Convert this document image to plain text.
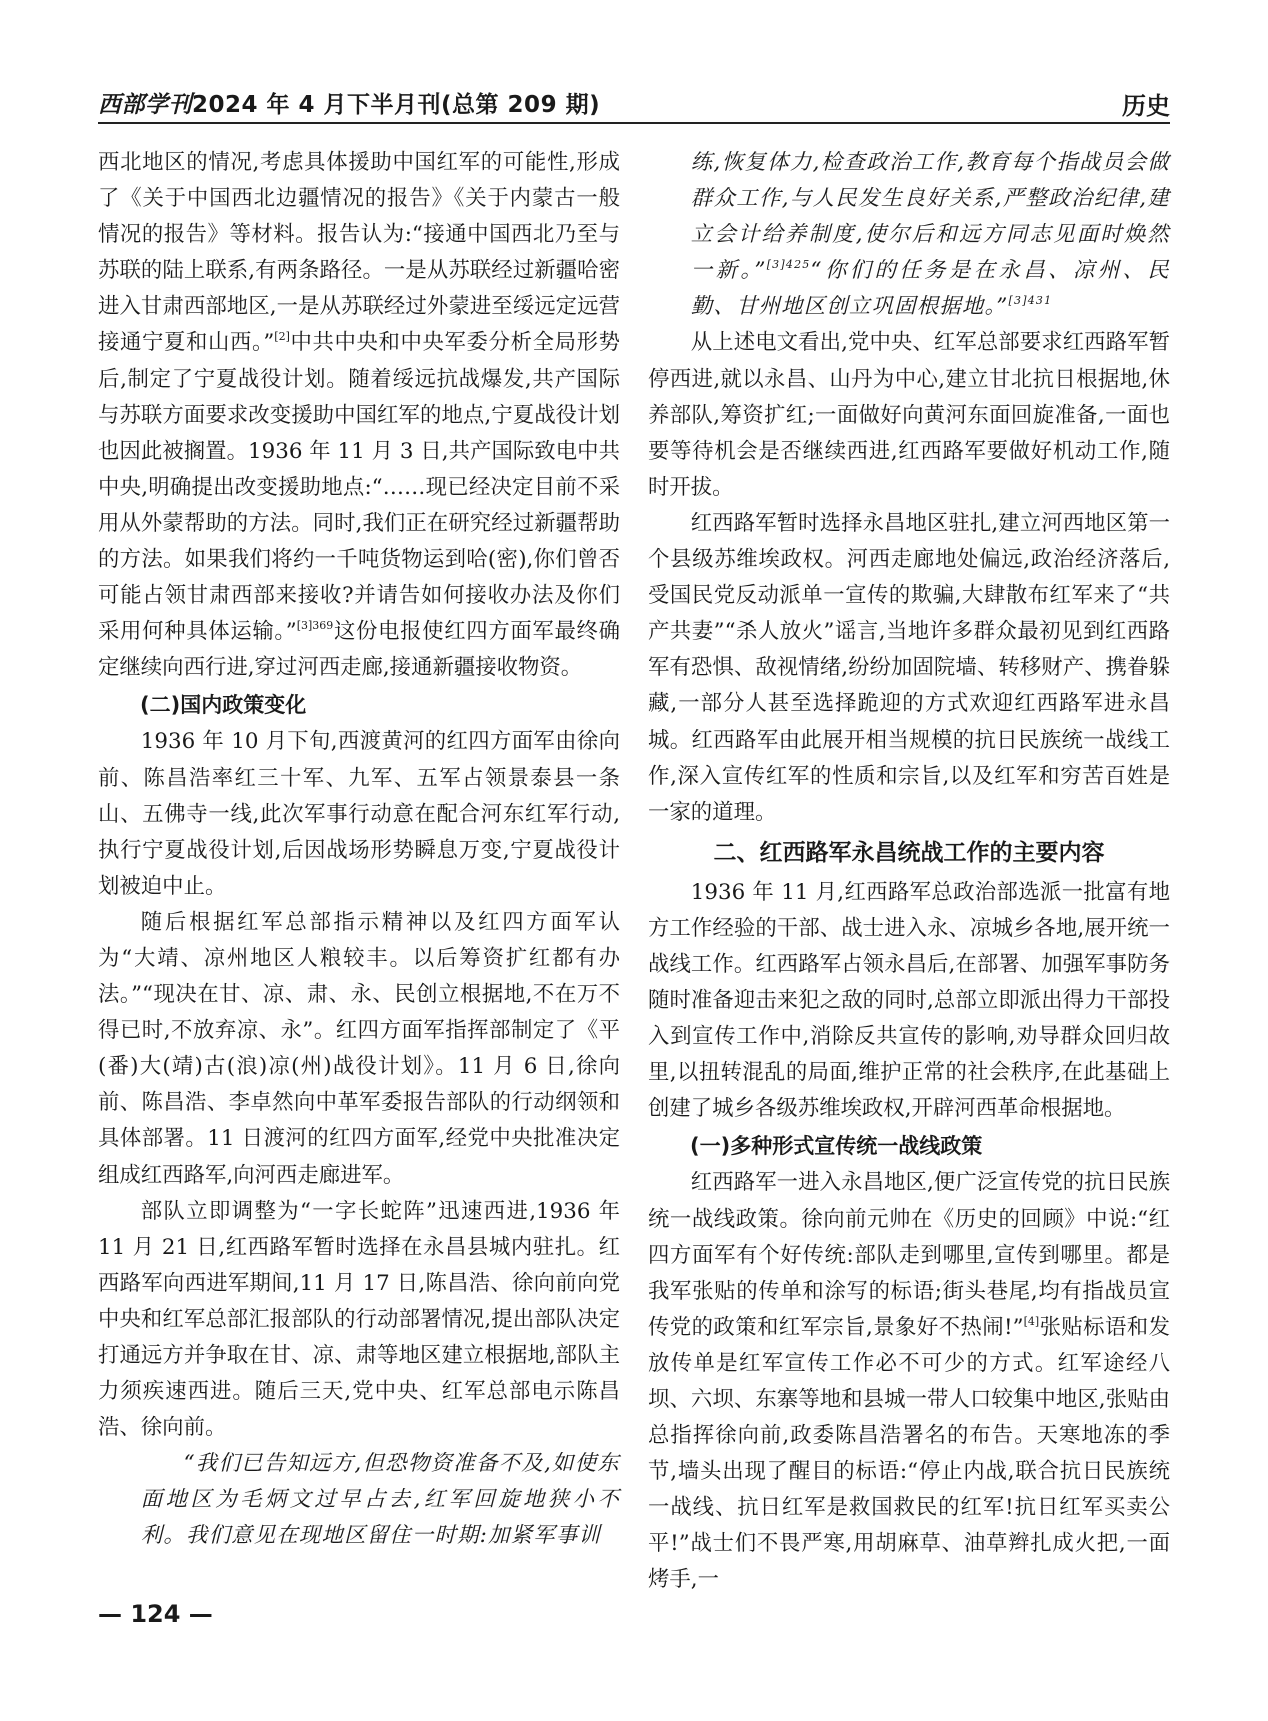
西部学刊2024 年 4 月下半月刊(总第 209 期)	历史

西北地区的情况,考虑具体援助中国红军的可能性,形成了《关于中国西北边疆情况的报告》《关于内蒙古一般情况的报告》等材料。报告认为:“接通中国西北乃至与苏联的陆上联系,有两条路径。一是从苏联经过新疆哈密进入甘肃西部地区,一是从苏联经过外蒙进至绥远定远营接通宁夏和山西。”[2]中共中央和中央军委分析全局形势后,制定了宁夏战役计划。随着绥远抗战爆发,共产国际与苏联方面要求改变援助中国红军的地点,宁夏战役计划也因此被搁置。1936 年 11 月 3 日,共产国际致电中共中央,明确提出改变援助地点:“……现已经决定目前不采用从外蒙帮助的方法。同时,我们正在研究经过新疆帮助的方法。如果我们将约一千吨货物运到哈(密),你们曾否可能占领甘肃西部来接收?并请告如何接收办法及你们采用何种具体运输。”$^{[3]369}$这份电报使红四方面军最终确定继续向西行进,穿过河西走廊,接通新疆接收物资。

(二)国内政策变化

1936 年 10 月下旬,西渡黄河的红四方面军由徐向前、陈昌浩率红三十军、九军、五军占领景泰县一条山、五佛寺一线,此次军事行动意在配合河东红军行动,执行宁夏战役计划,后因战场形势瞬息万变,宁夏战役计划被迫中止。

随后根据红军总部指示精神以及红四方面军认为“大靖、凉州地区人粮较丰。以后筹资扩红都有办法。”“现决在甘、凉、肃、永、民创立根据地,不在万不得已时,不放弃凉、永”。红四方面军指挥部制定了《平(番)大(靖)古(浪)凉(州)战役计划》。11 月 6 日,徐向前、陈昌浩、李卓然向中革军委报告部队的行动纲领和具体部署。11 日渡河的红四方面军,经党中央批准决定组成红西路军,向河西走廊进军。

部队立即调整为“一字长蛇阵”迅速西进,1936 年 11 月 21 日,红西路军暂时选择在永昌县城内驻扎。红西路军向西进军期间,11 月 17 日,陈昌浩、徐向前向党中央和红军总部汇报部队的行动部署情况,提出部队决定打通远方并争取在甘、凉、肃等地区建立根据地,部队主力须疾速西进。随后三天,党中央、红军总部电示陈昌浩、徐向前。

“我们已告知远方,但恐物资准备不及,如使东面地区为毛炳文过早占去,红军回旋地狭小不利。我们意见在现地区留住一时期:加紧军事训

练,恢复体力,检查政治工作,教育每个指战员会做群众工作,与人民发生良好关系,严整政治纪律,建立会计给养制度,使尔后和远方同志见面时焕然一新。”$^{[3]425}$“你们的任务是在永昌、凉州、民勤、甘州地区创立巩固根据地。”$^{[3]431}$

从上述电文看出,党中央、红军总部要求红西路军暂停西进,就以永昌、山丹为中心,建立甘北抗日根据地,休养部队,筹资扩红;一面做好向黄河东面回旋准备,一面也要等待机会是否继续西进,红西路军要做好机动工作,随时开拔。

红西路军暂时选择永昌地区驻扎,建立河西地区第一个县级苏维埃政权。河西走廊地处偏远,政治经济落后,受国民党反动派单一宣传的欺骗,大肆散布红军来了“共产共妻”“杀人放火”谣言,当地许多群众最初见到红西路军有恐惧、敌视情绪,纷纷加固院墙、转移财产、携眷躲藏,一部分人甚至选择跪迎的方式欢迎红西路军进永昌城。红西路军由此展开相当规模的抗日民族统一战线工作,深入宣传红军的性质和宗旨,以及红军和穷苦百姓是一家的道理。

二、红西路军永昌统战工作的主要内容

1936 年 11 月,红西路军总政治部选派一批富有地方工作经验的干部、战士进入永、凉城乡各地,展开统一战线工作。红西路军占领永昌后,在部署、加强军事防务随时准备迎击来犯之敌的同时,总部立即派出得力干部投入到宣传工作中,消除反共宣传的影响,劝导群众回归故里,以扭转混乱的局面,维护正常的社会秩序,在此基础上创建了城乡各级苏维埃政权,开辟河西革命根据地。

(一)多种形式宣传统一战线政策

红西路军一进入永昌地区,便广泛宣传党的抗日民族统一战线政策。徐向前元帅在《历史的回顾》中说:“红四方面军有个好传统:部队走到哪里,宣传到哪里。都是我军张贴的传单和涂写的标语;街头巷尾,均有指战员宣传党的政策和红军宗旨,景象好不热闹!”[4]张贴标语和发放传单是红军宣传工作必不可少的方式。红军途经八坝、六坝、东寨等地和县城一带人口较集中地区,张贴由总指挥徐向前,政委陈昌浩署名的布告。天寒地冻的季节,墙头出现了醒目的标语:“停止内战,联合抗日民族统一战线、抗日红军是救国救民的红军!抗日红军买卖公平!”战士们不畏严寒,用胡麻草、油草辫扎成火把,一面烤手,一

— 124 —
